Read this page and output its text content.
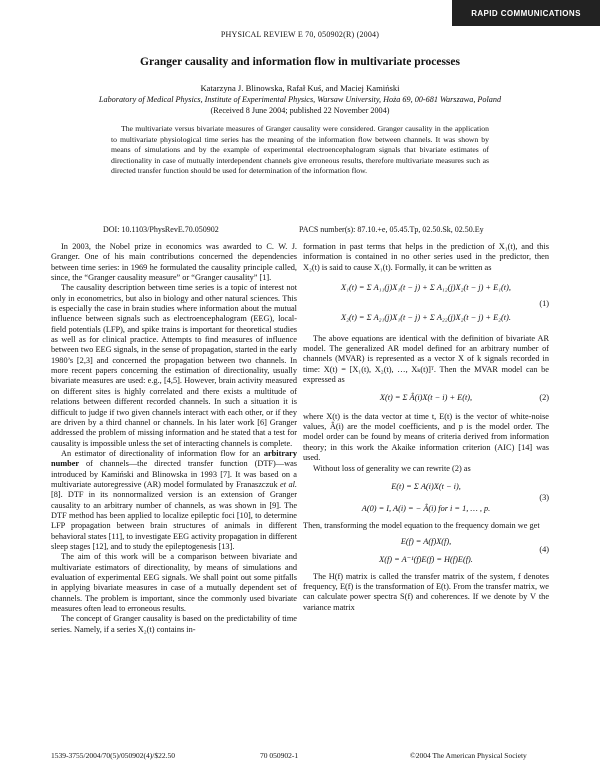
RAPID COMMUNICATIONS
PHYSICAL REVIEW E 70, 050902(R) (2004)
Granger causality and information flow in multivariate processes
Katarzyna J. Blinowska, Rafał Kuś, and Maciej Kamiński
Laboratory of Medical Physics, Institute of Experimental Physics, Warsaw University, Hoża 69, 00-681 Warszawa, Poland
(Received 8 June 2004; published 22 November 2004)
The multivariate versus bivariate measures of Granger causality were considered. Granger causality in the application to multivariate physiological time series has the meaning of the information flow between channels. It was shown by means of simulations and by the example of experimental electroencephalogram signals that bivariate estimates of directionality in case of mutually interdependent channels give erroneous results, therefore multivariate measures such as directed transfer function should be used for determination of the information flow.
DOI: 10.1103/PhysRevE.70.050902	PACS number(s): 87.10.+e, 05.45.Tp, 02.50.Sk, 02.50.Ey

In 2003, the Nobel prize in economics was awarded to C. W. J. Granger. One of his main contributions concerned the dependencies between time series: in 1969 he formulated the causality principle called, since, the “Granger causality measure” or “Granger causality” [1].

The causality description between time series is a topic of interest not only in econometrics, but also in biology and other natural sciences. This is especially the case in brain studies where information about the mutual influence between signals such as electroencephalogram (EEG), local-field potentials (LFP), and spike trains is important for theoretical studies as well as for clinical practice. Attempts to find measures of influence between two EEG signals, in the sense of propagation, started in the early 1980’s [2,3] and concerned the propagation between two channels. In more recent papers concerning the estimation of directionality, usually bivariate measures are used: e.g., [4,5]. However, brain activity measured on different sites is highly correlated and there exists a multitude of relations between different recorded channels. In such a situation it is difficult to judge if two given channels interact with each other, or if they are driven by a third channel or channels. In his later work [6] Granger addressed the problem of missing information and he stated that a test for causality is impossible unless the set of interacting channels is complete.

An estimator of directionality of information flow for an arbitrary number of channels—the directed transfer function (DTF)—was introduced by Kamiński and Blinowska in 1993 [7]. It was based on a multivariate autoregressive (AR) model formulated by Franaszczuk et al. [8]. DTF in its nonnormalized version is an extension of Granger causality to an arbitrary number of channels, as was shown in [9]. The DTF method has been applied to localize epileptic foci [10], to determine LFP propagation between brain structures of animals in different behavioral states [11], to investigate EEG activity propagation in different sleep stages [12], and to study the epileptogenesis [13].

The aim of this work will be a comparison between bivariate and multivariate estimators of directionality, by means of simulations and evaluation of experimental EEG signals. We shall point out some pitfalls in applying bivariate measures in case of a mutually dependent set of channels. The problem is important, since the commonly used bivariate measures often lead to erroneous results.

The concept of Granger causality is based on the predictability of time series. Namely, if a series X₂(t) contains in-

formation in past terms that helps in the prediction of X₁(t), and this information is contained in no other series used in the predictor, then X₂(t) is said to cause X₁(t). Formally, it can be written as

X₁(t) = Σ A₁₁(j)X₁(t − j) + Σ A₁₂(j)X₂(t − j) + E₁(t),
X₂(t) = Σ A₂₁(j)X₁(t − j) + Σ A₂₂(j)X₂(t − j) + E₂(t).
(1)

The above equations are identical with the definition of bivariate AR model. The generalized AR model defined for an arbitrary number of channels (MVAR) is represented as a vector X of k signals recorded in time: X(t) = [X₁(t), X₂(t), …, Xₖ(t)]ᵀ. Then the MVAR model can be expressed as

X(t) = Σ Â(i)X(t − i) + E(t),	(2)

where X(t) is the data vector at time t, E(t) is the vector of white-noise values, Â(i) are the model coefficients, and p is the model order. The model order can be found by means of criteria derived from information theory; in this work the Akaike information criterion (AIC) [14] was used.

Without loss of generality we can rewrite (2) as

E(t) = Σ A(i)X(t − i),
A(0) = I, A(i) = − Â(i) for i = 1, … , p.
(3)

Then, transforming the model equation to the frequency domain we get

E(f) = A(f)X(f),
X(f) = A⁻¹(f)E(f) = H(f)E(f).
(4)

The H(f) matrix is called the transfer matrix of the system, f denotes frequency, E(f) is the transformation of E(t). From the transfer matrix, we can calculate power spectra S(f) and coherences. If we denote by V the variance matrix

1539-3755/2004/70(5)/050902(4)/$22.50	70 050902-1	©2004 The American Physical Society
